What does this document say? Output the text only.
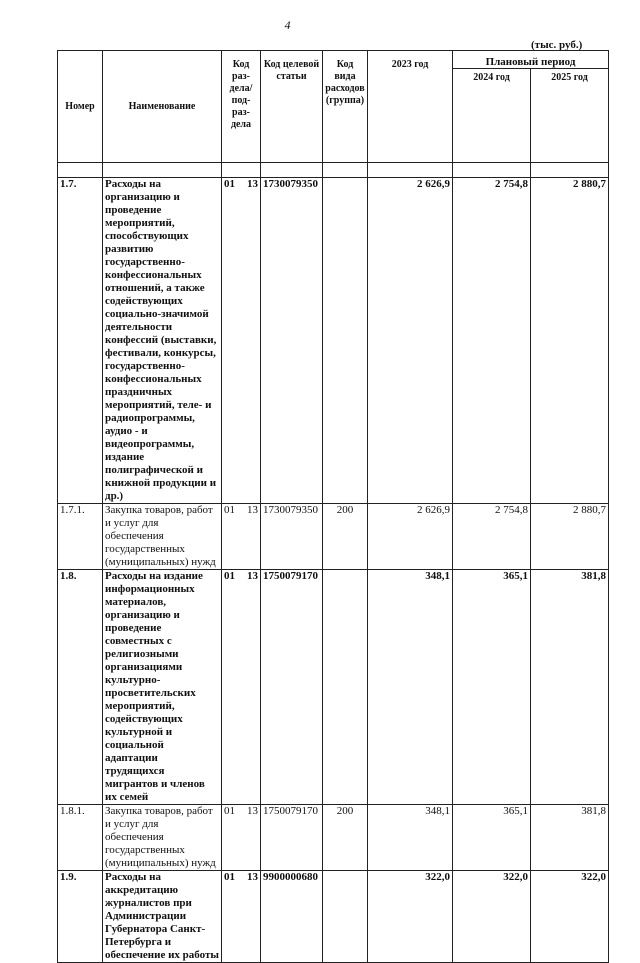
4
(тыс. руб.)
Номер	Наименование	Код раз-дела/ под-раз-дела	Код целевой статьи	Код вида расходов (группа)	2023 год	Плановый период	
						2024 год	2025 год

1.7.	Расходы на организацию и проведение мероприятий, способствующих развитию государственно-конфессиональных отношений, а также содействующих социально-значимой деятельности конфессий (выставки, фестивали, конкурсы, государственно-конфессиональных праздничных мероприятий, теле- и радиопрограммы, аудио - и видеопрограммы, издание полиграфической и книжной продукции и др.)	01 13	1730079350		2 626,9	2 754,8	2 880,7
1.7.1.	Закупка товаров, работ и услуг для обеспечения государственных (муниципальных) нужд	01 13	1730079350	200	2 626,9	2 754,8	2 880,7
1.8.	Расходы на издание информационных материалов, организацию и проведение совместных с религиозными организациями культурно-просветительских мероприятий, содействующих культурной и социальной адаптации трудящихся мигрантов и членов их семей	01 13	1750079170		348,1	365,1	381,8
1.8.1.	Закупка товаров, работ и услуг для обеспечения государственных (муниципальных) нужд	01 13	1750079170	200	348,1	365,1	381,8
1.9.	Расходы на аккредитацию журналистов при Администрации Губернатора Санкт-Петербурга и обеспечение их работы	01 13	9900000680		322,0	322,0	322,0
